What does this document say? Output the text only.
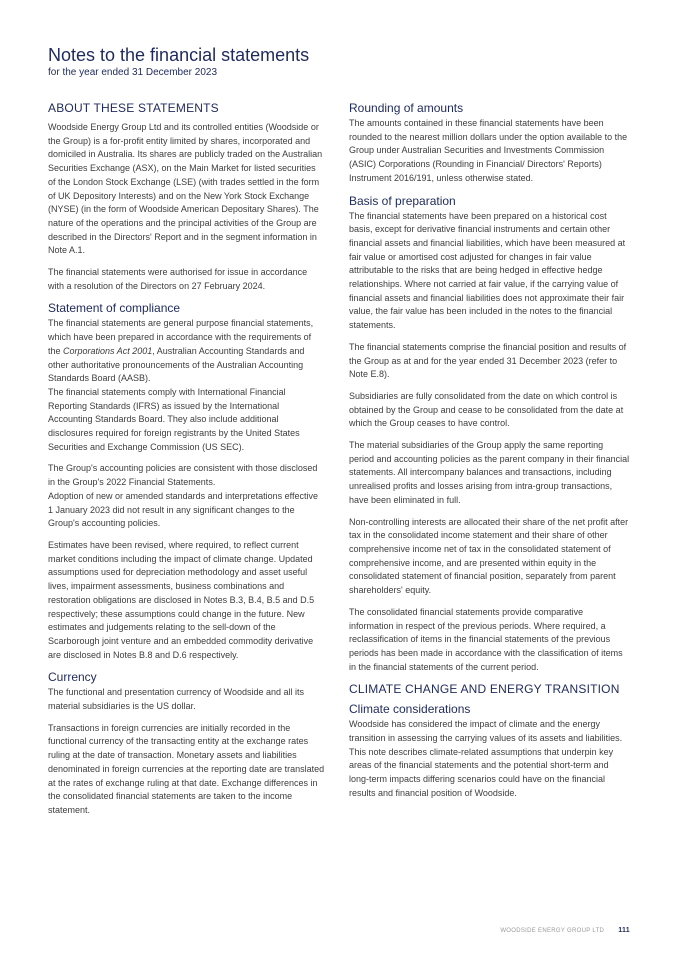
Notes to the financial statements
for the year ended 31 December 2023
ABOUT THESE STATEMENTS

Woodside Energy Group Ltd and its controlled entities (Woodside or the Group) is a for-profit entity limited by shares, incorporated and domiciled in Australia. Its shares are publicly traded on the Australian Securities Exchange (ASX), on the Main Market for listed securities of the London Stock Exchange (LSE) (with trades settled in the form of UK Depository Interests) and on the New York Stock Exchange (NYSE) (in the form of Woodside American Depositary Shares). The nature of the operations and the principal activities of the Group are described in the Directors' Report and in the segment information in Note A.1.

The financial statements were authorised for issue in accordance with a resolution of the Directors on 27 February 2024.

Statement of compliance

The financial statements are general purpose financial statements, which have been prepared in accordance with the requirements of the Corporations Act 2001, Australian Accounting Standards and other authoritative pronouncements of the Australian Accounting Standards Board (AASB).
The financial statements comply with International Financial Reporting Standards (IFRS) as issued by the International Accounting Standards Board. They also include additional disclosures required for foreign registrants by the United States Securities and Exchange Commission (US SEC).

The Group's accounting policies are consistent with those disclosed in the Group's 2022 Financial Statements.
Adoption of new or amended standards and interpretations effective 1 January 2023 did not result in any significant changes to the Group's accounting policies.

Estimates have been revised, where required, to reflect current market conditions including the impact of climate change. Updated assumptions used for depreciation methodology and asset useful lives, impairment assessments, business combinations and restoration obligations are disclosed in Notes B.3, B.4, B.5 and D.5 respectively; these assumptions could change in the future. New estimates and judgements relating to the sell-down of the Scarborough joint venture and an embedded commodity derivative are disclosed in Notes B.8 and D.6 respectively.

Currency

The functional and presentation currency of Woodside and all its material subsidiaries is the US dollar.

Transactions in foreign currencies are initially recorded in the functional currency of the transacting entity at the exchange rates ruling at the date of transaction. Monetary assets and liabilities denominated in foreign currencies at the reporting date are translated at the rates of exchange ruling at that date. Exchange differences in the consolidated financial statements are taken to the income statement.

Rounding of amounts

The amounts contained in these financial statements have been rounded to the nearest million dollars under the option available to the Group under Australian Securities and Investments Commission (ASIC) Corporations (Rounding in Financial/ Directors' Reports) Instrument 2016/191, unless otherwise stated.

Basis of preparation

The financial statements have been prepared on a historical cost basis, except for derivative financial instruments and certain other financial assets and financial liabilities, which have been measured at fair value or amortised cost adjusted for changes in fair value attributable to the risks that are being hedged in effective hedge relationships. Where not carried at fair value, if the carrying value of financial assets and financial liabilities does not approximate their fair value, the fair value has been included in the notes to the financial statements.

The financial statements comprise the financial position and results of the Group as at and for the year ended 31 December 2023 (refer to Note E.8).

Subsidiaries are fully consolidated from the date on which control is obtained by the Group and cease to be consolidated from the date at which the Group ceases to have control.

The material subsidiaries of the Group apply the same reporting period and accounting policies as the parent company in their financial statements. All intercompany balances and transactions, including unrealised profits and losses arising from intra-group transactions, have been eliminated in full.

Non-controlling interests are allocated their share of the net profit after tax in the consolidated income statement and their share of other comprehensive income net of tax in the consolidated statement of comprehensive income, and are presented within equity in the consolidated statement of financial position, separately from parent shareholders' equity.

The consolidated financial statements provide comparative information in respect of the previous periods. Where required, a reclassification of items in the financial statements of the previous periods has been made in accordance with the classification of items in the financial statements of the current period.

CLIMATE CHANGE AND ENERGY TRANSITION
Climate considerations

Woodside has considered the impact of climate and the energy transition in assessing the carrying values of its assets and liabilities. This note describes climate-related assumptions that underpin key areas of the financial statements and the potential short-term and long-term impacts differing scenarios could have on the financial results and financial position of Woodside.

WOODSIDE ENERGY GROUP LTD 111
